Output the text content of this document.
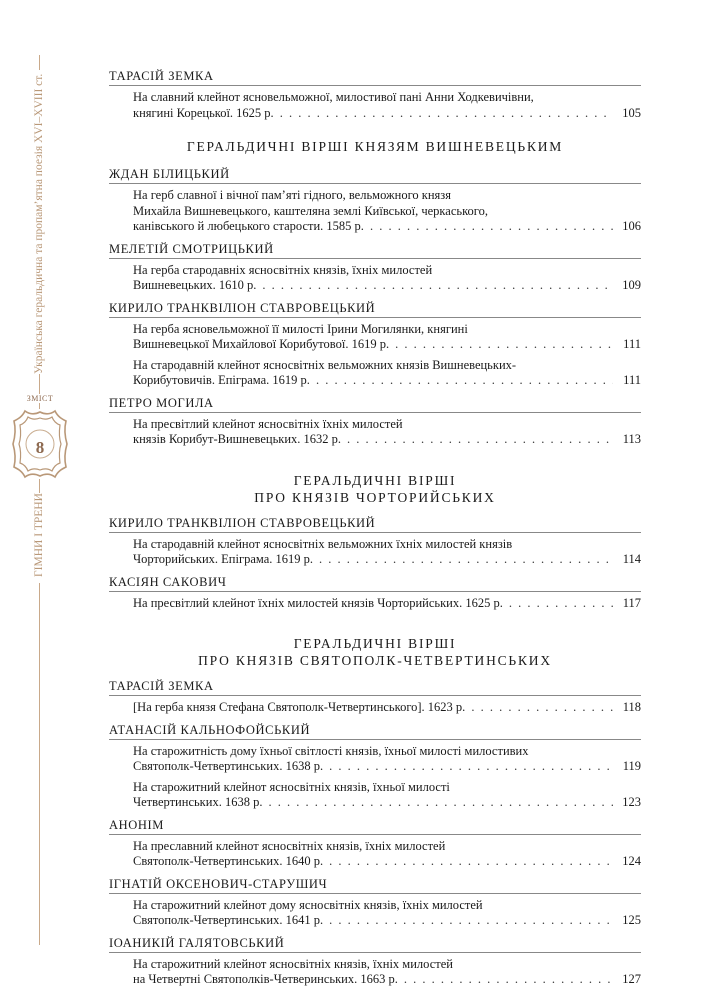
Українська геральдична та пропам’ятна поезія XVI–XVIII ст.
ЗМІСТ
8
ГІМНИ І ТРЕНИ
ТАРАСІЙ ЗЕМКА
На славний клейнот ясновельможної, милостивої пані Анни Ходкевичівни,
княгині Корецької. 1625 р. . . .	105
ГЕРАЛЬДИЧНІ ВІРШІ КНЯЗЯМ ВИШНЕВЕЦЬКИМ
ЖДАН БІЛИЦЬКИЙ
На герб славної і вічної пам’яті гідного, вельможного князя
Михайла Вишневецького, каштеляна землі Київської, черкаського,
канівського й любецького старости. 1585 р. . . .	106
МЕЛЕТІЙ СМОТРИЦЬКИЙ
На герба стародавніх ясносвітніх князів, їхніх милостей
Вишневецьких. 1610 р. . . .	109
КИРИЛО ТРАНКВІЛІОН СТАВРОВЕЦЬКИЙ
На герба ясновельможної її милості Ірини Могилянки, княгині
Вишневецької Михайлової Корибутової. 1619 р. . . .	111
На стародавній клейнот ясносвітніх вельможних князів Вишневецьких-
Корибутовичів. Епіграма. 1619 р. . . .	111
ПЕТРО МОГИЛА
На пресвітлий клейнот ясносвітніх їхніх милостей
князів Корибут-Вишневецьких. 1632 р. . . .	113
ГЕРАЛЬДИЧНІ ВІРШІ
ПРО КНЯЗІВ ЧОРТОРИЙСЬКИХ
КИРИЛО ТРАНКВІЛІОН СТАВРОВЕЦЬКИЙ
На стародавній клейнот ясносвітніх вельможних їхніх милостей князів
Чорторийських. Епіграма. 1619 р. . . .	114
КАСІЯН САКОВИЧ
На пресвітлий клейнот їхніх милостей князів Чорторийських. 1625 р. . . .	117
ГЕРАЛЬДИЧНІ ВІРШІ
ПРО КНЯЗІВ СВЯТОПОЛК-ЧЕТВЕРТИНСЬКИХ
ТАРАСІЙ ЗЕМКА
[На герба князя Стефана Святополк-Четвертинського]. 1623 р. . . .	118
АТАНАСІЙ КАЛЬНОФОЙСЬКИЙ
На старожитність дому їхньої світлості князів, їхньої милості милостивих
Святополк-Четвертинських. 1638 р. . . .	119
На старожитний клейнот ясносвітніх князів, їхньої милості
Четвертинських. 1638 р. . . .	123
АНОНІМ
На преславний клейнот ясносвітніх князів, їхніх милостей
Святополк-Четвертинських. 1640 р. . . .	124
ІГНАТІЙ ОКСЕНОВИЧ-СТАРУШИЧ
На старожитний клейнот дому ясносвітніх князів, їхніх милостей
Святополк-Четвертинських. 1641 р. . . .	125
ІОАНИКІЙ ГАЛЯТОВСЬКИЙ
На старожитний клейнот ясносвітніх князів, їхніх милостей
на Четвертні Святополків-Четверинських. 1663 р. . . .	127
